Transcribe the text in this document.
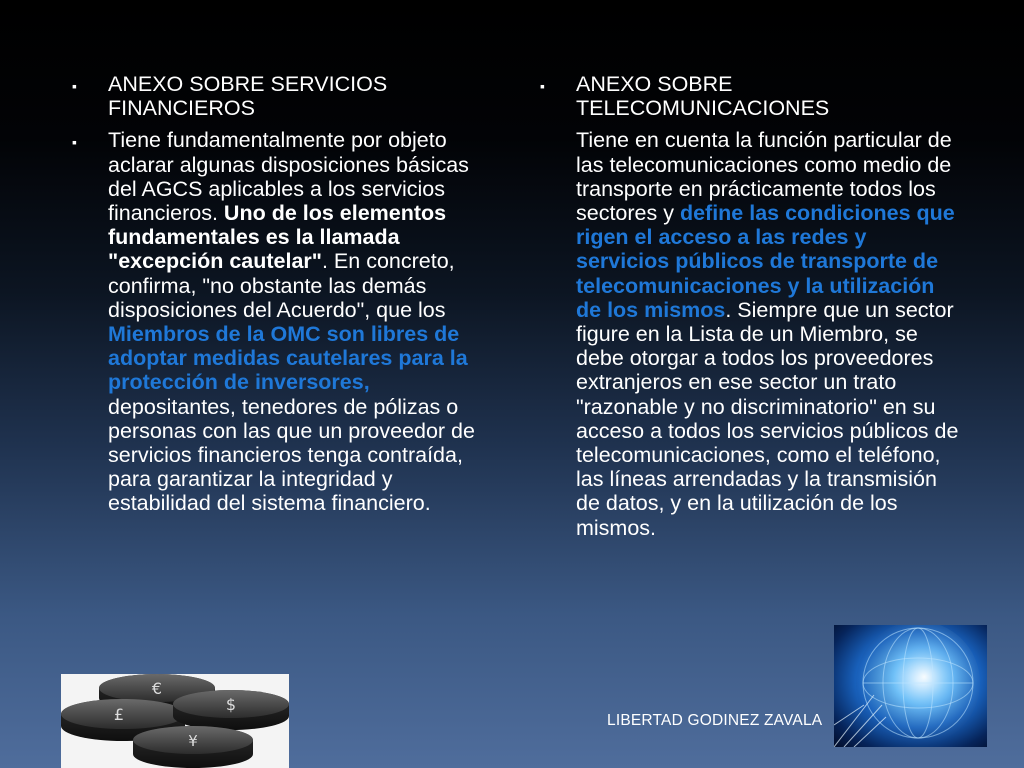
▪ ANEXO SOBRE SERVICIOS FINANCIEROS
▪ Tiene fundamentalmente por objeto aclarar algunas disposiciones básicas del AGCS aplicables a los servicios financieros. Uno de los elementos fundamentales es la llamada "excepción cautelar". En concreto, confirma, "no obstante las demás disposiciones del Acuerdo", que los Miembros de la OMC son libres de adoptar medidas cautelares para la protección de inversores, depositantes, tenedores de pólizas o personas con las que un proveedor de servicios financieros tenga contraída, para garantizar la integridad y estabilidad del sistema financiero.
▪ ANEXO SOBRE TELECOMUNICACIONES
Tiene en cuenta la función particular de las telecomunicaciones como medio de transporte en prácticamente todos los sectores y define las condiciones que rigen el acceso a las redes y servicios públicos de transporte de telecomunicaciones y la utilización de los mismos. Siempre que un sector figure en la Lista de un Miembro, se debe otorgar a todos los proveedores extranjeros en ese sector un trato "razonable y no discriminatorio" en su acceso a todos los servicios públicos de telecomunicaciones, como el teléfono, las líneas arrendadas y la transmisión de datos, y en la utilización de los mismos.
€
£
$
¥
LIBERTAD GODINEZ ZAVALA
